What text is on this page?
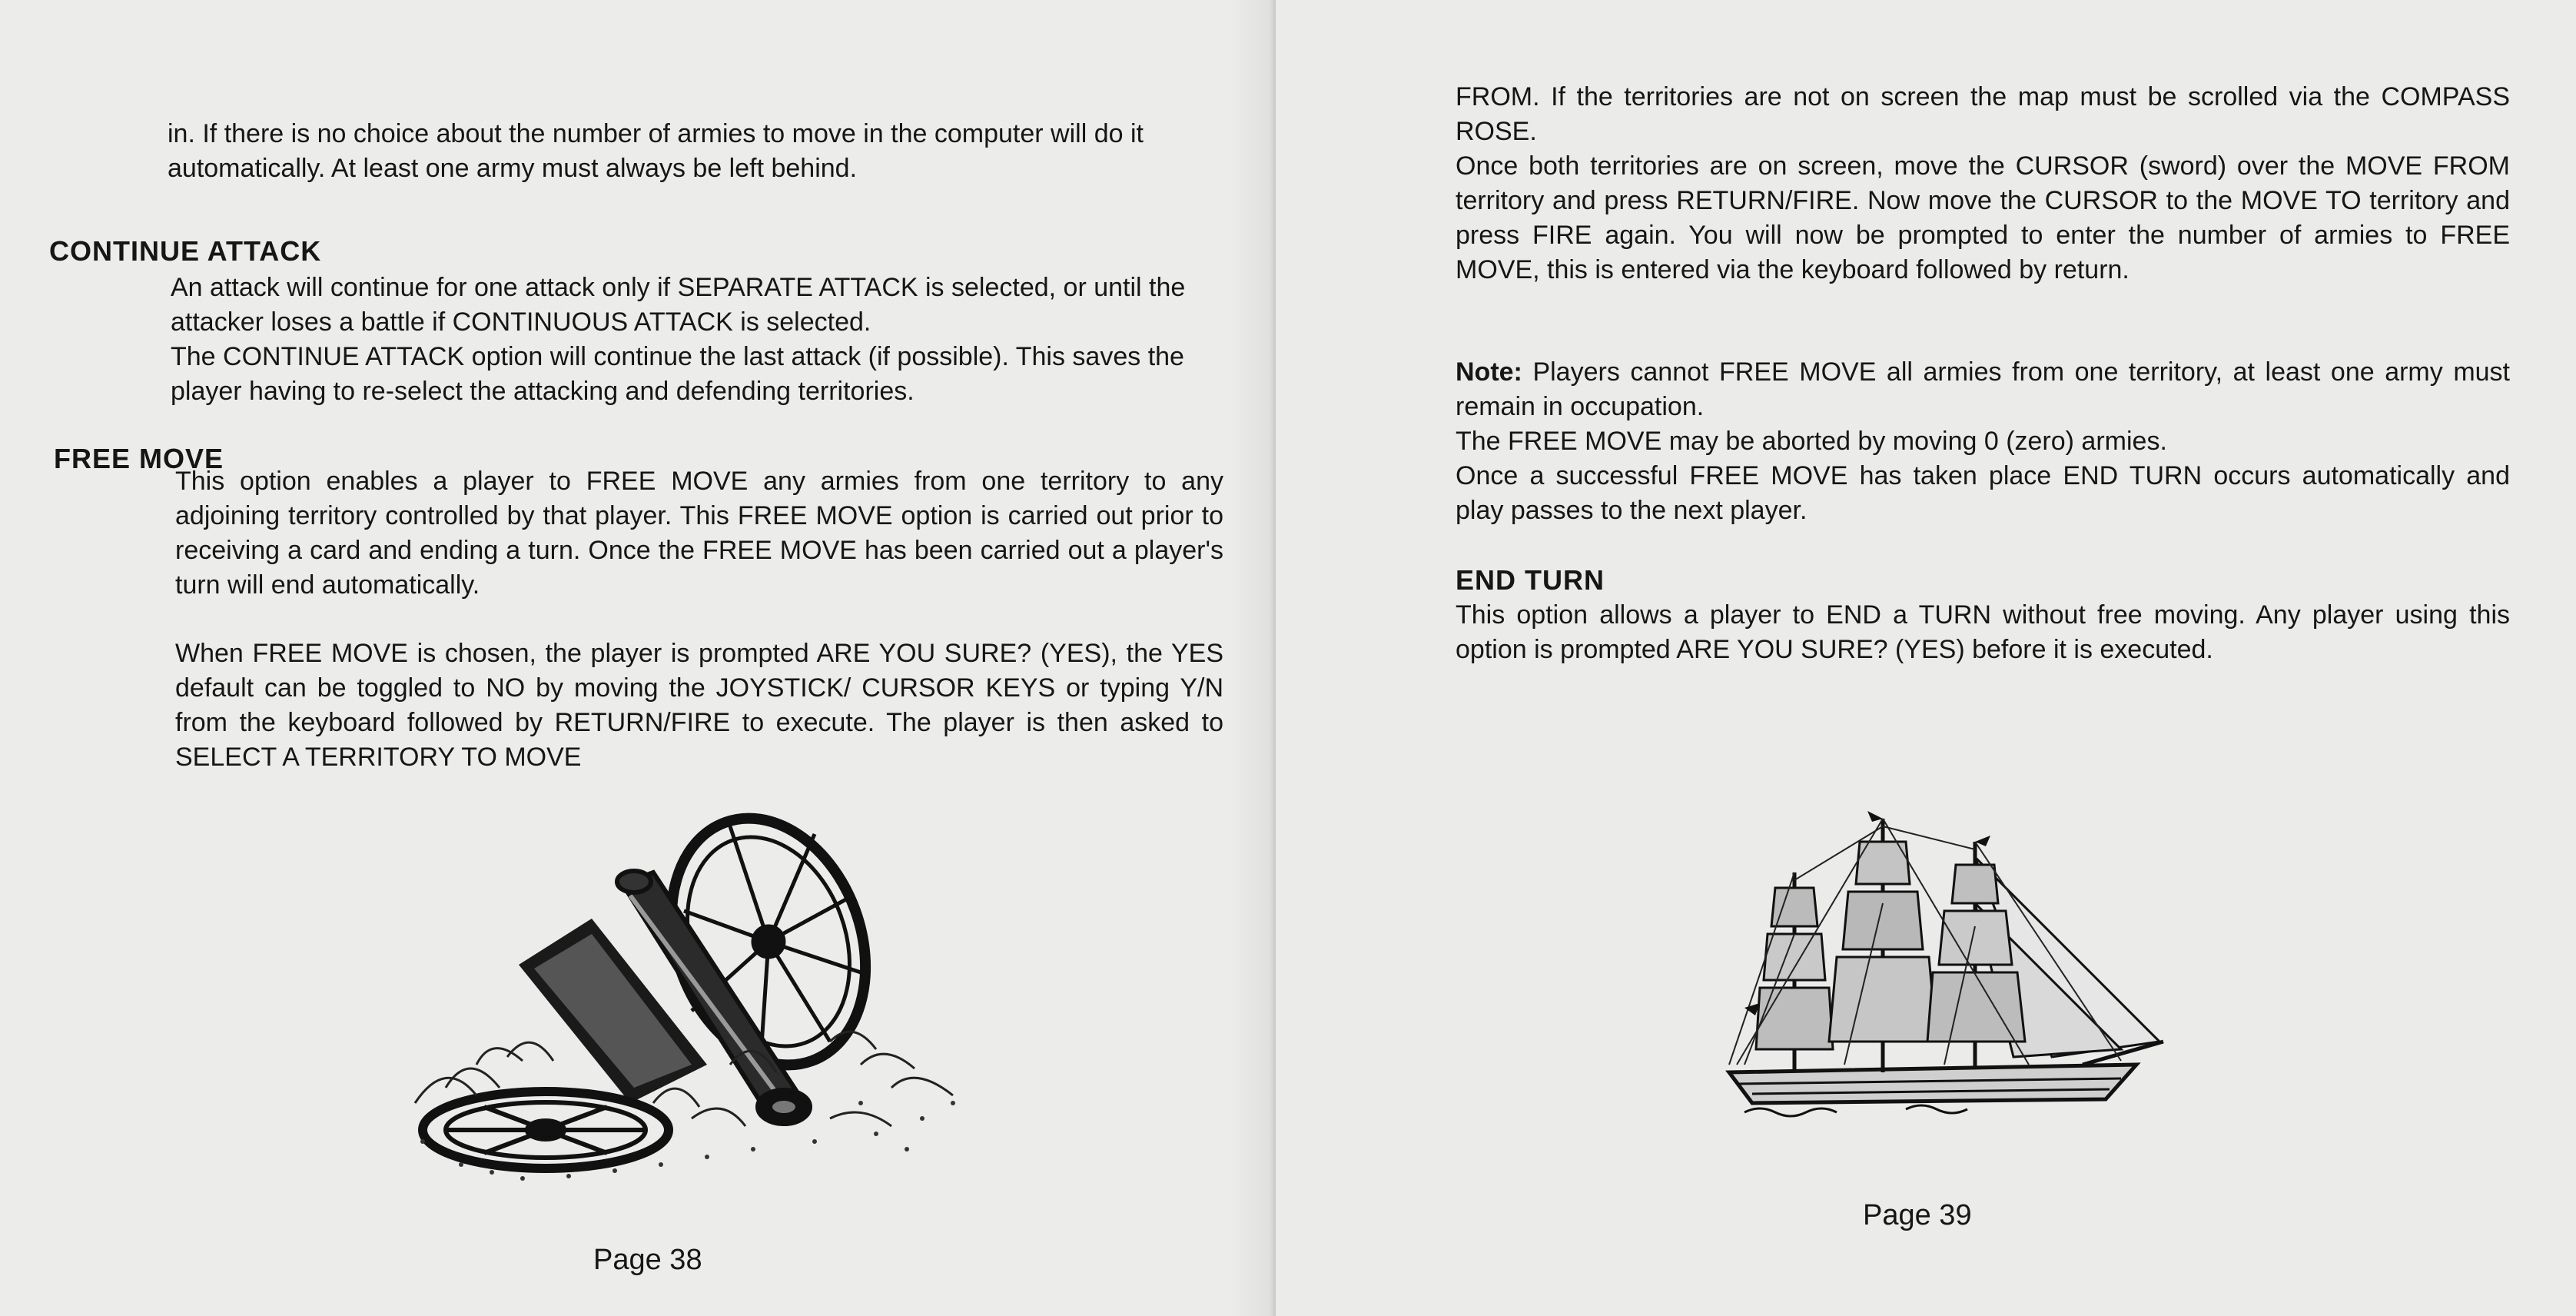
in. If there is no choice about the number of armies to move in the computer will do it automatically. At least one army must always be left behind.

CONTINUE ATTACK

An attack will continue for one attack only if SEPARATE ATTACK is selected, or until the attacker loses a battle if CONTINUOUS ATTACK is selected.

The CONTINUE ATTACK option will continue the last attack (if possible). This saves the player having to re-select the attacking and defending territories.

FREE MOVE

This option enables a player to FREE MOVE any armies from one territory to any adjoining territory controlled by that player. This FREE MOVE option is carried out prior to receiving a card and ending a turn. Once the FREE MOVE has been carried out a player's turn will end automatically.

When FREE MOVE is chosen, the player is prompted ARE YOU SURE? (YES), the YES default can be toggled to NO by moving the JOYSTICK/ CURSOR KEYS or typing Y/N from the keyboard followed by RETURN/FIRE to execute. The player is then asked to SELECT A TERRITORY TO MOVE

Page 38

FROM. If the territories are not on screen the map must be scrolled via the COMPASS ROSE.

Once both territories are on screen, move the CURSOR (sword) over the MOVE FROM territory and press RETURN/FIRE. Now move the CURSOR to the MOVE TO territory and press FIRE again. You will now be prompted to enter the number of armies to FREE MOVE, this is entered via the keyboard followed by return.

Note: Players cannot FREE MOVE all armies from one territory, at least one army must remain in occupation.

The FREE MOVE may be aborted by moving 0 (zero) armies.

Once a successful FREE MOVE has taken place END TURN occurs automatically and play passes to the next player.

END TURN

This option allows a player to END a TURN without free moving. Any player using this option is prompted ARE YOU SURE? (YES) before it is executed.

Page 39
